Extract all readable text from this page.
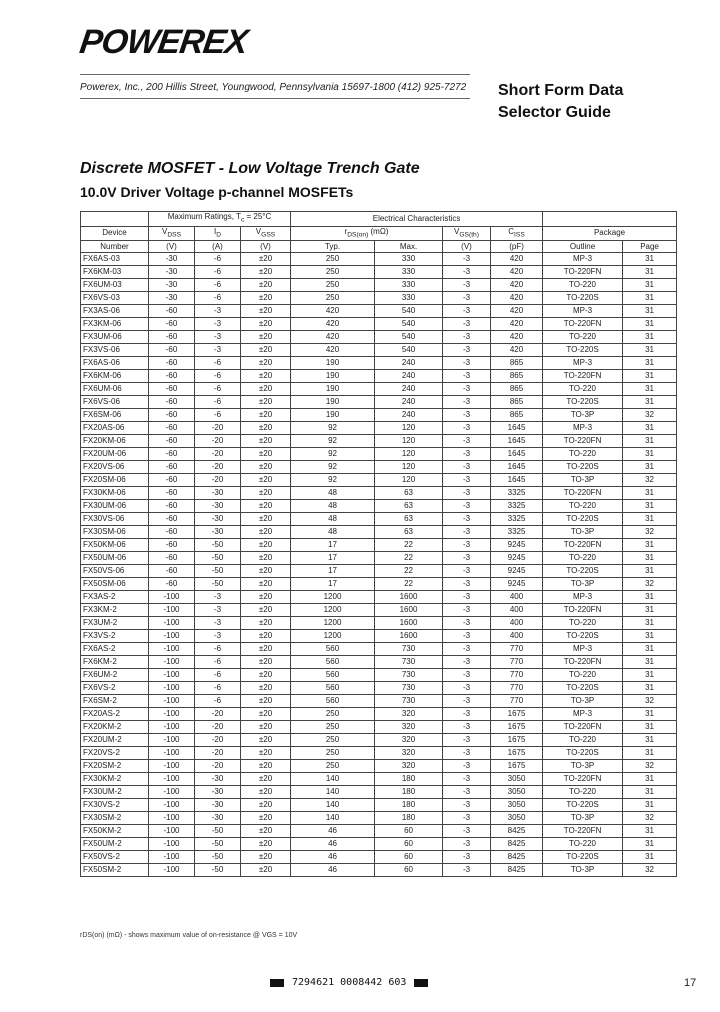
POWEREX
Powerex, Inc., 200 Hillis Street, Youngwood, Pennsylvania 15697-1800 (412) 925-7272 Short Form Data
Selector Guide
Discrete MOSFET - Low Voltage Trench Gate
10.0V Driver Voltage p-channel MOSFETs
	Maximum Ratings, $T_c = 25^\circ C$			Electrical Characteristics					
Device	$V_{DSS}$	$I_D$	$V_{GSS}$	$r_{DS(on)}$ (mΩ)		$V_{GS(th)}$	$C_{ISS}$	Package	
Number	(V)	(A)	(V)	Typ.	Max.	(V)	(pF)	Outline	Page
FX6AS-03	-30	-6	±20	250	330	-3	420	MP-3	31
FX6KM-03	-30	-6	±20	250	330	-3	420	TO-220FN	31
FX6UM-03	-30	-6	±20	250	330	-3	420	TO-220	31
FX6VS-03	-30	-6	±20	250	330	-3	420	TO-220S	31
FX3AS-06	-60	-3	±20	420	540	-3	420	MP-3	31
FX3KM-06	-60	-3	±20	420	540	-3	420	TO-220FN	31
FX3UM-06	-60	-3	±20	420	540	-3	420	TO-220	31
FX3VS-06	-60	-3	±20	420	540	-3	420	TO-220S	31
FX6AS-06	-60	-6	±20	190	240	-3	865	MP-3	31
FX6KM-06	-60	-6	±20	190	240	-3	865	TO-220FN	31
FX6UM-06	-60	-6	±20	190	240	-3	865	TO-220	31
FX6VS-06	-60	-6	±20	190	240	-3	865	TO-220S	31
FX6SM-06	-60	-6	±20	190	240	-3	865	TO-3P	32
FX20AS-06	-60	-20	±20	92	120	-3	1645	MP-3	31
FX20KM-06	-60	-20	±20	92	120	-3	1645	TO-220FN	31
FX20UM-06	-60	-20	±20	92	120	-3	1645	TO-220	31
FX20VS-06	-60	-20	±20	92	120	-3	1645	TO-220S	31
FX20SM-06	-60	-20	±20	92	120	-3	1645	TO-3P	32
FX30KM-06	-60	-30	±20	48	63	-3	3325	TO-220FN	31
FX30UM-06	-60	-30	±20	48	63	-3	3325	TO-220	31
FX30VS-06	-60	-30	±20	48	63	-3	3325	TO-220S	31
FX30SM-06	-60	-30	±20	48	63	-3	3325	TO-3P	32
FX50KM-06	-60	-50	±20	17	22	-3	9245	TO-220FN	31
FX50UM-06	-60	-50	±20	17	22	-3	9245	TO-220	31
FX50VS-06	-60	-50	±20	17	22	-3	9245	TO-220S	31
FX50SM-06	-60	-50	±20	17	22	-3	9245	TO-3P	32
FX3AS-2	-100	-3	±20	1200	1600	-3	400	MP-3	31
FX3KM-2	-100	-3	±20	1200	1600	-3	400	TO-220FN	31
FX3UM-2	-100	-3	±20	1200	1600	-3	400	TO-220	31
FX3VS-2	-100	-3	±20	1200	1600	-3	400	TO-220S	31
FX6AS-2	-100	-6	±20	560	730	-3	770	MP-3	31
FX6KM-2	-100	-6	±20	560	730	-3	770	TO-220FN	31
FX6UM-2	-100	-6	±20	560	730	-3	770	TO-220	31
FX6VS-2	-100	-6	±20	560	730	-3	770	TO-220S	31
FX6SM-2	-100	-6	±20	560	730	-3	770	TO-3P	32
FX20AS-2	-100	-20	±20	250	320	-3	1675	MP-3	31
FX20KM-2	-100	-20	±20	250	320	-3	1675	TO-220FN	31
FX20UM-2	-100	-20	±20	250	320	-3	1675	TO-220	31
FX20VS-2	-100	-20	±20	250	320	-3	1675	TO-220S	31
FX20SM-2	-100	-20	±20	250	320	-3	1675	TO-3P	32
FX30KM-2	-100	-30	±20	140	180	-3	3050	TO-220FN	31
FX30UM-2	-100	-30	±20	140	180	-3	3050	TO-220	31
FX30VS-2	-100	-30	±20	140	180	-3	3050	TO-220S	31
FX30SM-2	-100	-30	±20	140	180	-3	3050	TO-3P	32
FX50KM-2	-100	-50	±20	46	60	-3	8425	TO-220FN	31
FX50UM-2	-100	-50	±20	46	60	-3	8425	TO-220	31
FX50VS-2	-100	-50	±20	46	60	-3	8425	TO-220S	31
FX50SM-2	-100	-50	±20	46	60	-3	8425	TO-3P	32
rDS(on) (mΩ) - shows maximum value of on-resistance @ VGS = 10V
7294621 0008442 603	17
